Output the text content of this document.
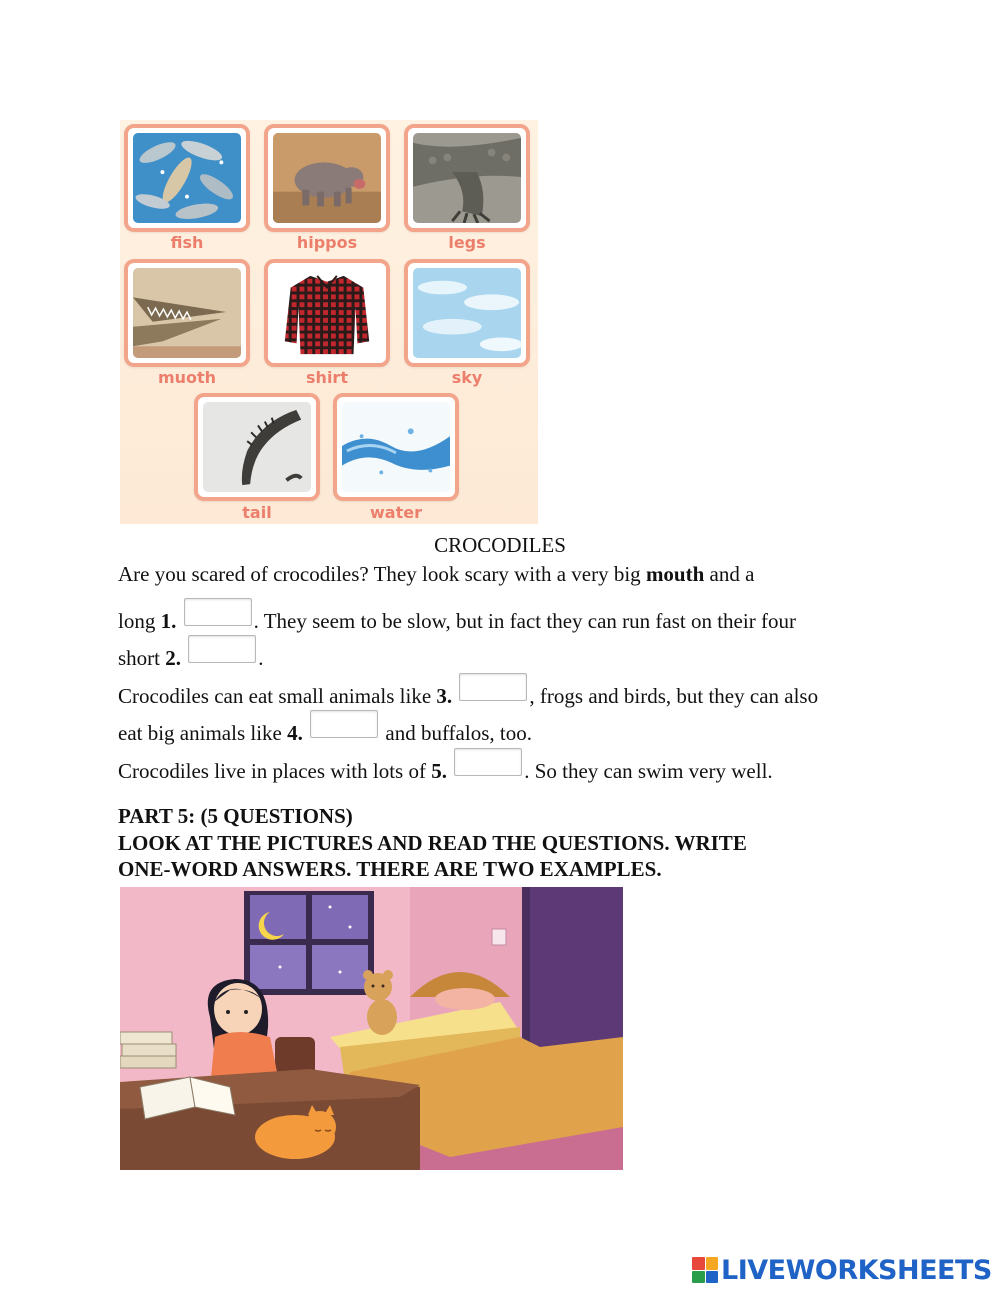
fish	hippos	legs
muoth	shirt	sky
tail	water
CROCODILES
Are you scared of crocodiles? They look scary with a very big mouth and a
long 1.	. They seem to be slow, but in fact they can run fast on their four
short 2.	.
Crocodiles can eat small animals like 3.	, frogs and birds, but they can also
eat big animals like 4.	and buffalos, too.
Crocodiles live in places with lots of 5.	. So they can swim very well.
PART 5: (5 QUESTIONS)
LOOK AT THE PICTURES AND READ THE QUESTIONS. WRITE
ONE-WORD ANSWERS. THERE ARE TWO EXAMPLES.
LIVEWORKSHEETS
